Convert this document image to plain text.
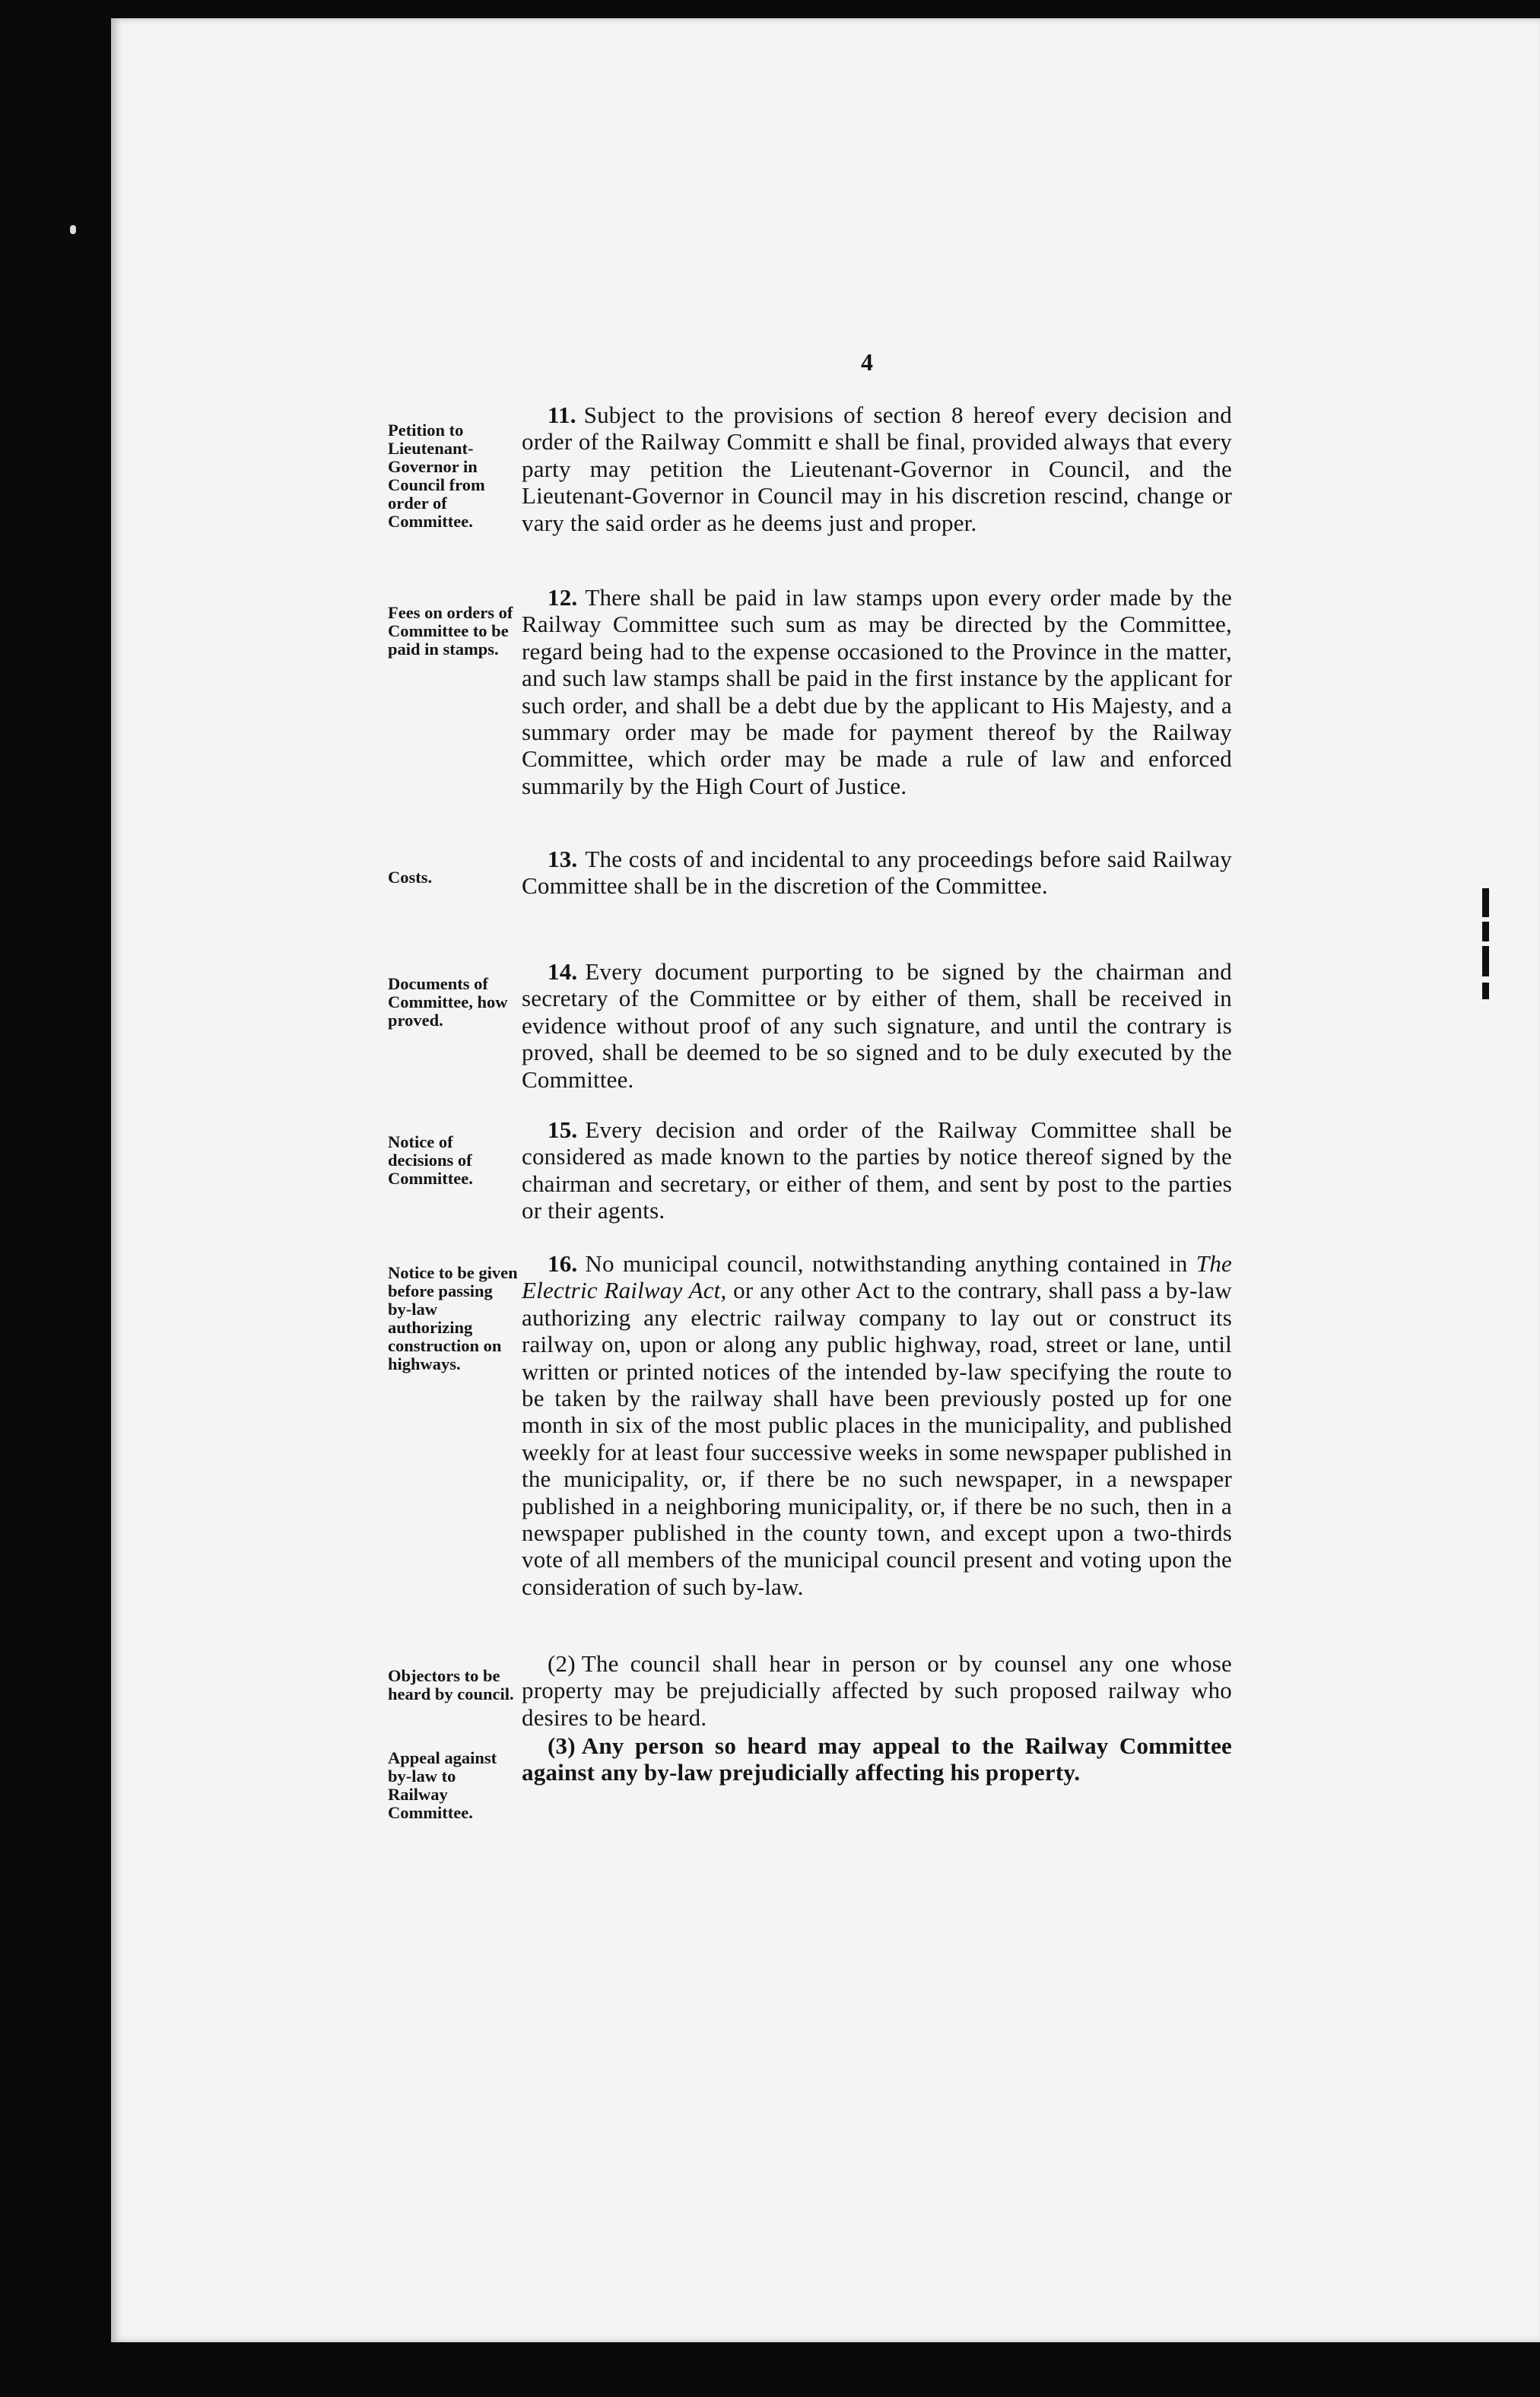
4
Petition to Lieutenant-Governor in Council from order of Committee.
11. Subject to the provisions of section 8 hereof every decision and order of the Railway Committ e shall be final, provided always that every party may petition the Lieutenant-Governor in Council, and the Lieutenant-Governor in Council may in his discretion rescind, change or vary the said order as he deems just and proper.
Fees on orders of Committee to be paid in stamps.
12. There shall be paid in law stamps upon every order made by the Railway Committee such sum as may be directed by the Committee, regard being had to the expense occasioned to the Province in the matter, and such law stamps shall be paid in the first instance by the applicant for such order, and shall be a debt due by the applicant to His Majesty, and a summary order may be made for payment thereof by the Railway Committee, which order may be made a rule of law and enforced summarily by the High Court of Justice.
Costs.
13. The costs of and incidental to any proceedings before said Railway Committee shall be in the discretion of the Committee.
Documents of Committee, how proved.
14. Every document purporting to be signed by the chairman and secretary of the Committee or by either of them, shall be received in evidence without proof of any such signature, and until the contrary is proved, shall be deemed to be so signed and to be duly executed by the Committee.
Notice of decisions of Committee.
15. Every decision and order of the Railway Committee shall be considered as made known to the parties by notice thereof signed by the chairman and secretary, or either of them, and sent by post to the parties or their agents.
Notice to be given before passing by-law authorizing construction on highways.
16. No municipal council, notwithstanding anything contained in The Electric Railway Act, or any other Act to the contrary, shall pass a by-law authorizing any electric railway company to lay out or construct its railway on, upon or along any public highway, road, street or lane, until written or printed notices of the intended by-law specifying the route to be taken by the railway shall have been previously posted up for one month in six of the most public places in the municipality, and published weekly for at least four successive weeks in some newspaper published in the municipality, or, if there be no such newspaper, in a newspaper published in a neighboring municipality, or, if there be no such, then in a newspaper published in the county town, and except upon a two-thirds vote of all members of the municipal council present and voting upon the consideration of such by-law.
Objectors to be heard by council.
(2) The council shall hear in person or by counsel any one whose property may be prejudicially affected by such proposed railway who desires to be heard.
Appeal against by-law to Railway Committee.
(3) Any person so heard may appeal to the Railway Committee against any by-law prejudicially affecting his property.
